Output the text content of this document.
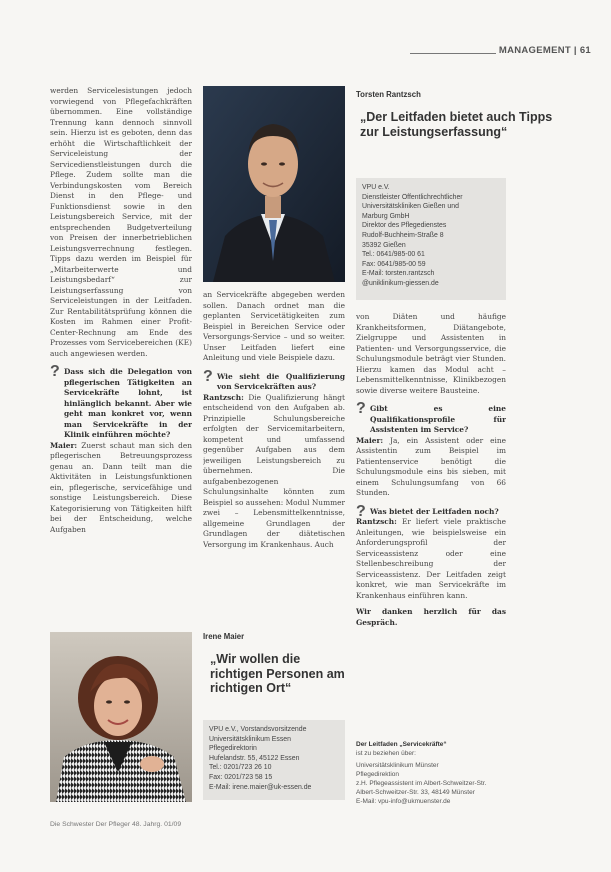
MANAGEMENT | 61

werden Servicelesistungen jedoch vorwiegend von Pflegefachkräften übernommen. Eine vollständige Trennung kann dennoch sinnvoll sein. Hierzu ist es geboten, denn das erhöht die Wirtschaftlichkeit der Serviceleistung der Servicedienstleistungen durch die Pflege. Zudem sollte man die Verbindungskosten vom Bereich Dienst in den Pflege- und Funktionsdienst sowie in den Leistungsbereich Service, mit der entsprechenden Budgetverteilung von Preisen der innerbetrieblichen Leistungsverrechnung festlegen. Tipps dazu werden im Beispiel für „Mitarbeiterwerte und Leistungsbedarf“ zur Leistungserfassung von Serviceleistungen in der Leitfaden. Zur Rentabilitätsprüfung können die Kosten im Rahmen einer Profit-Center-Rechnung am Ende des Prozesses vom Servicebereichen (KE) auch angewiesen werden.

? Dass sich die Delegation von pflegerischen Tätigkeiten an Servicekräfte lohnt, ist hinlänglich bekannt. Aber wie geht man konkret vor, wenn man Servicekräfte in der Klinik einführen möchte?

Maier: Zuerst schaut man sich den pflegerischen Betreuungsprozess genau an. Dann teilt man die Aktivitäten in Leistungsfunktionen ein, pflegerische, servicefähige und sonstige Leistungsbereich. Diese Kategorisierung von Tätigkeiten hilft bei der Entscheidung, welche Aufgaben

an Servicekräfte abgegeben werden sollen. Danach ordnet man die geplanten Servicetätigkeiten zum Beispiel in Bereichen Service oder Versorgungs-Service – und so weiter. Unser Leitfaden liefert eine Anleitung und viele Beispiele dazu.

? Wie sieht die Qualifizierung von Servicekräften aus?

Rantzsch: Die Qualifizierung hängt entscheidend von den Aufgaben ab. Prinzipielle Schulungsbereiche erfolgten der Servicemitarbeitern, kompetent und umfassend gegenüber Aufgaben aus dem jeweiligen Leistungsbereich zu übernehmen. Die aufgabenbezogenen Schulungsinhalte könnten zum Beispiel so aussehen: Modul Nummer zwei – Lebensmittelkenntnisse, allgemeine Grundlagen der Grundlagen der diätetischen Versorgung im Krankenhaus. Auch

Torsten Rantzsch
„Der Leitfaden bietet auch Tipps zur Leistungserfassung“
VPU e.V.
Dienstleister Öffentlichrechtlicher
Universitätskliniken Gießen und
Marburg GmbH
Direktor des Pflegedienstes
Rudolf-Buchheim-Straße 8
35392 Gießen
Tel.: 0641/985-00 61
Fax: 0641/985-00 59
E-Mail: torsten.rantzsch
@uniklinikum-giessen.de

von Diäten und häufige Krankheitsformen, Diätangebote, Zielgruppe und Assistenten in Patienten- und Versorgungsservice, die Schulungsmodule beträgt vier Stunden. Hierzu kamen das Modul acht – Lebensmittelkenntnisse, Klinikbezogen sowie diverse weitere Bausteine.

? Gibt es eine Qualifikationsprofile für Assistenten im Service?

Maier: Ja, ein Assistent oder eine Assistentin zum Beispiel im Patientenservice benötigt die Schulungsmodule eins bis sieben, mit einem Schulungsumfang von 66 Stunden.

? Was bietet der Leitfaden noch?

Rantzsch: Er liefert viele praktische Anleitungen, wie beispielsweise ein Anforderungsprofil der Serviceassistenz oder eine Stellenbeschreibung der Serviceassistenz. Der Leitfaden zeigt konkret, wie man Servicekräfte im Krankenhaus einführen kann.

Wir danken herzlich für das Gespräch.

Irene Maier
„Wir wollen die richtigen Personen am richtigen Ort“
VPU e.V., Vorstandsvorsitzende
Universitätsklinikum Essen
Pflegedirektorin
Hufelandstr. 55, 45122 Essen
Tel.: 0201/723 26 10
Fax: 0201/723 58 15
E-Mail: irene.maier@uk-essen.de
Der Leitfaden „Servicekräfte“
ist zu beziehen über:
Universitätsklinikum Münster
Pflegedirektion
z.H. Pflegeassistent im Albert-Schweitzer-Str.
Albert-Schweitzer-Str. 33, 48149 Münster
E-Mail: vpu-info@ukmuenster.de
Die Schwester Der Pfleger 48. Jahrg. 01/09
